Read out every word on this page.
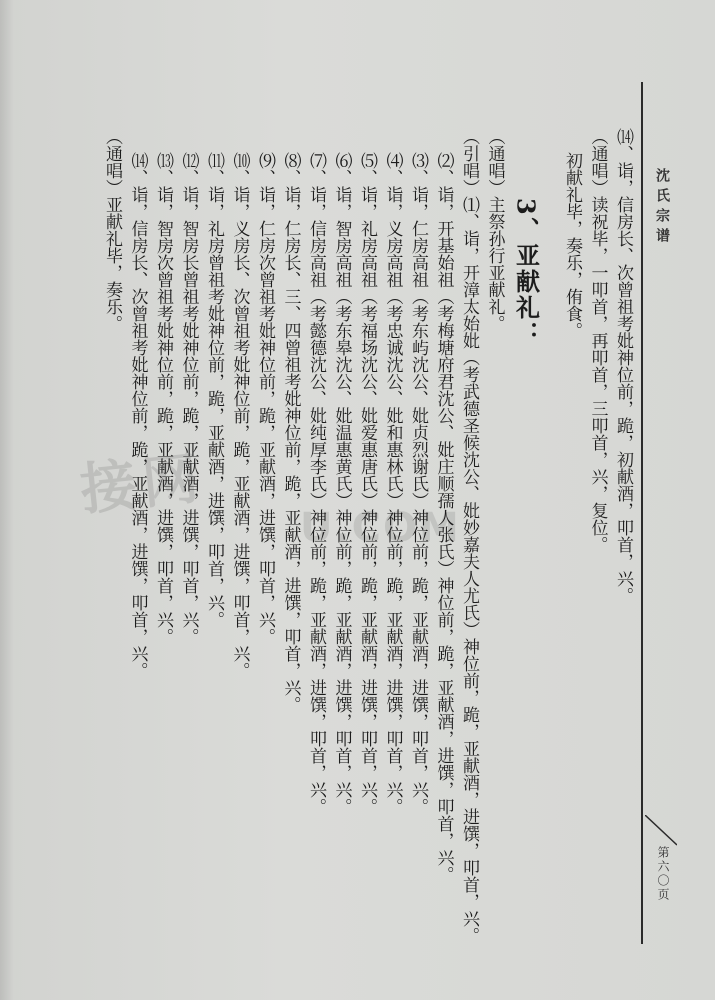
沈氏宗谱
第六〇页
接网
U.COM	⒁、诣，信房长、次曾祖考妣神位前，跪，初献酒，叩首，兴。
（通唱）读祝毕，一叩首，再叩首，三叩首，兴，复位。
初献礼毕，奏乐，侑食。
3、亚献礼：
（通唱）主祭孙行亚献礼。
（引唱）⑴、诣，开漳太始妣（考武德圣候沈公、妣妙嘉夫人尤氏）神位前，跪，亚献酒，进馔，叩首，兴。
⑵、诣，开基始祖（考梅塘府君沈公、妣庄顺孺人张氏）神位前，跪，亚献酒，进馔，叩首，兴。
⑶、诣，仁房高祖（考东屿沈公、妣贞烈谢氏）神位前，跪，亚献酒，进馔，叩首，兴。
⑷、诣，义房高祖（考忠诚沈公、妣和惠林氏）神位前，跪，亚献酒，进馔，叩首，兴。
⑸、诣，礼房高祖（考福场沈公、妣爱惠唐氏）神位前，跪，亚献酒，进馔，叩首，兴。
⑹、诣，智房高祖（考东皋沈公、妣温惠黄氏）神位前，跪，亚献酒，进馔，叩首，兴。
⑺、诣，信房高祖（考懿德沈公、妣纯厚李氏）神位前，跪，亚献酒，进馔，叩首，兴。
⑻、诣，仁房长、三、四曾祖考妣神位前，跪，亚献酒，进馔，叩首，兴。
⑼、诣，仁房次曾祖考妣神位前，跪，亚献酒，进馔，叩首，兴。
⑽、诣，义房长、次曾祖考妣神位前，跪，亚献酒，进馔，叩首，兴。
⑾、诣，礼房曾祖考妣神位前，跪，亚献酒，进馔，叩首，兴。
⑿、诣，智房长曾祖考妣神位前，跪，亚献酒，进馔，叩首，兴。
⒀、诣，智房次曾祖考妣神位前，跪，亚献酒，进馔，叩首，兴。
⒁、诣，信房长、次曾祖考妣神位前，跪，亚献酒，进馔，叩首，兴。
（通唱）亚献礼毕，奏乐。
